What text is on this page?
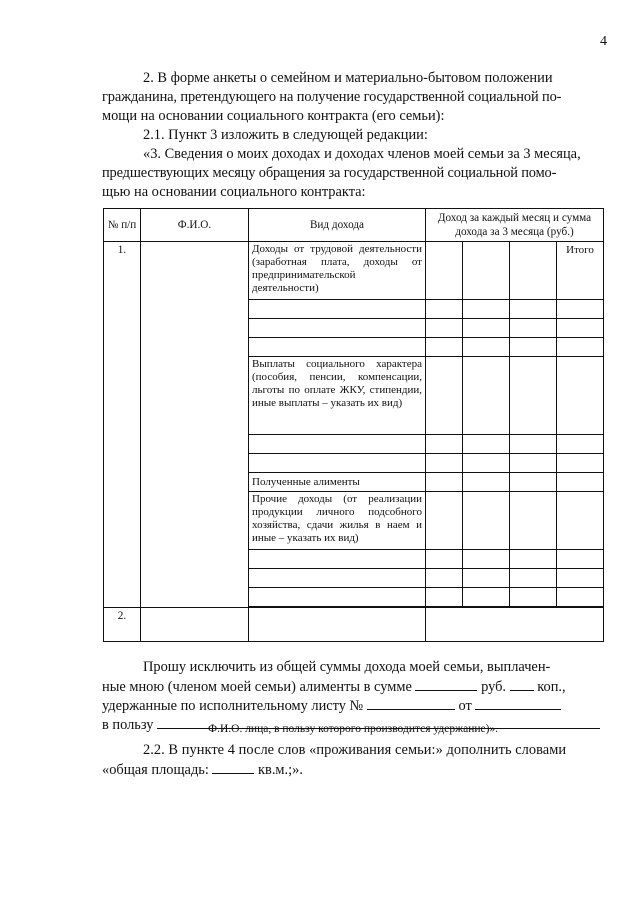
4
2. В форме анкеты о семейном и материально-бытовом положении
гражданина, претендующего на получение государственной социальной по-
мощи на основании социального контракта (его семьи):
2.1. Пункт 3 изложить в следующей редакции:
«3. Сведения о моих доходах и доходах членов моей семьи за 3 месяца,
предшествующих месяцу обращения за государственной социальной помо-
щью на основании социального контракта:
№ п/п	Ф.И.О.	Вид дохода	Доход за каждый месяц и сумма дохода за 3 месяца (руб.)			
1.		Доходы от трудовой деятельности (заработная плата, доходы от предпринимательской деятельности)				Итого

		Выплаты социального характера (пособия, пенсии, компенсации, льготы по оплате ЖКУ, стипендии, иные выплаты – указать их вид)				

		Полученные алименты				
		Прочие доходы (от реализации продукции личного подсобного хозяйства, сдачи жилья в наем и иные – указать их вид)				

2.						
Прошу исключить из общей суммы дохода моей семьи, выплачен-
ные мною (членом моей семьи) алименты в сумме	руб. коп.,
удержанные по исполнительному листу №	от
в пользу	Ф.И.О. лица, в пользу которого производится удержание)».
2.2. В пункте 4 после слов «проживания семьи:» дополнить словами
«общая площадь:	кв.м.;».
